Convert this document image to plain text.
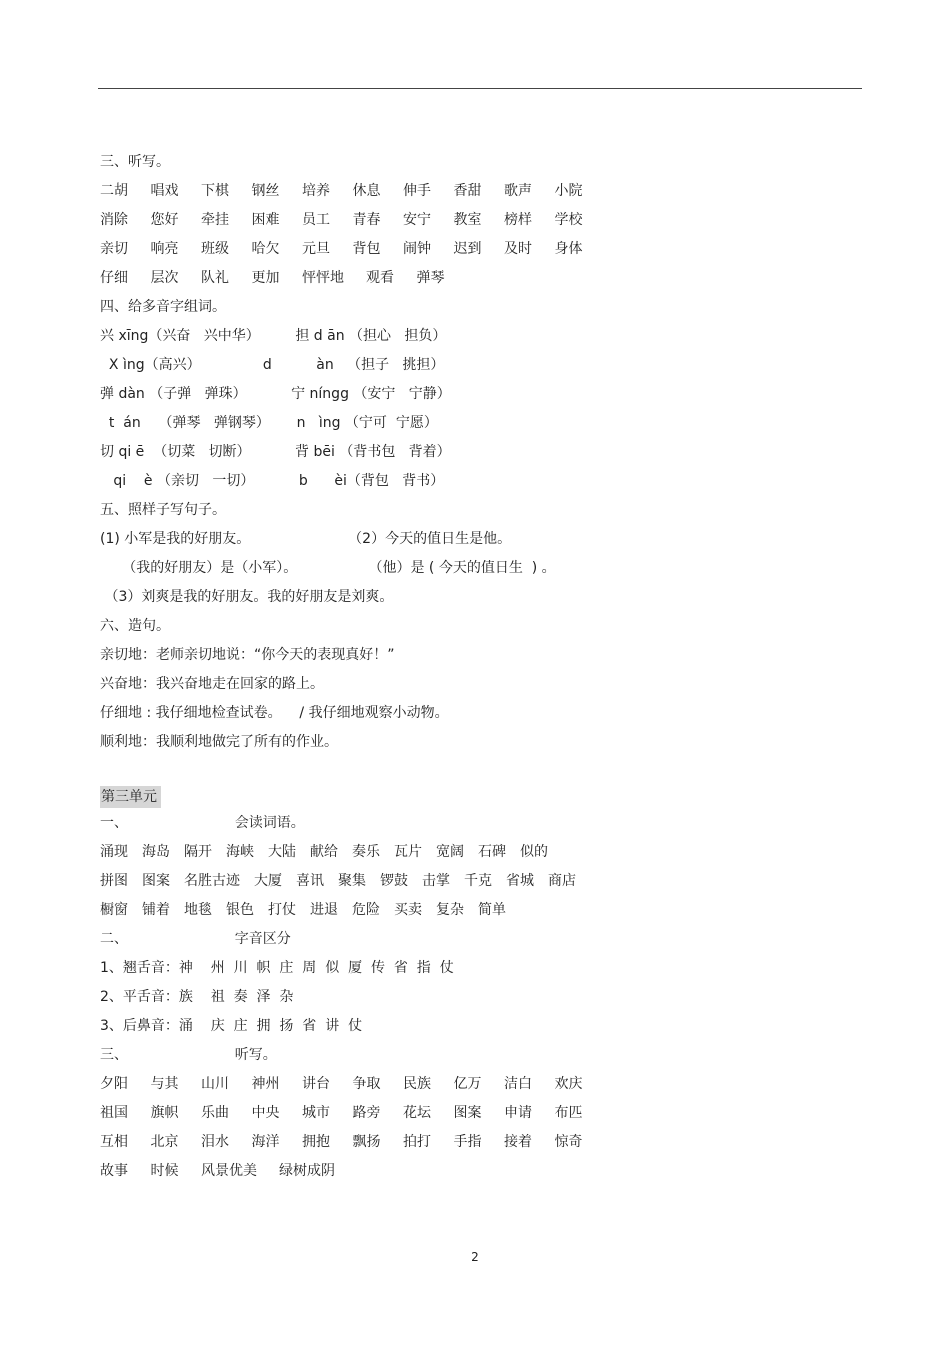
三、听写。
二胡	唱戏	下棋	钢丝	培养	休息	伸手	香甜	歌声	小院
消除	您好	牵挂	困难	员工	青春	安宁	教室	榜样	学校
亲切	响亮	班级	哈欠	元旦	背包	闹钟	迟到	及时	身体
仔细	层次	队礼	更加	怦怦地 观看	弹琴
四、给多音字组词。
兴 xīng（兴奋   兴中华）        担 d ān （担心   担负）
X ìng（高兴）              d          àn   （担子   挑担）
弹 dàn （子弹   弹珠）          宁 níngg （安宁   宁静）
t  án    （弹琴   弹钢琴）      n   ìng （宁可  宁愿）
切 qi ē  （切菜   切断）          背 bēi （背书包   背着）
qi    è （亲切   一切）          b      èi（背包   背书）
五、照样子写句子。
(1) 小军是我的好朋友。                      （2）今天的值日生是他。
（我的好朋友）是（小军）。                （他）是 ( 今天的值日生  ) 。
（3）刘爽是我的好朋友。我的好朋友是刘爽。
六、造句。
亲切地：老师亲切地说：“你今天的表现真好！”
兴奋地：我兴奋地走在回家的路上。
仔细地 : 我仔细地检查试卷。    / 我仔细地观察小动物。
顺利地：我顺利地做完了所有的作业。
第三单元
一、                        会读词语。
涌现 海岛 隔开 海峡 大陆 献给 奏乐 瓦片 宽阔 石碑 似的
拼图 图案 名胜古迹 大厦 喜讯 聚集 锣鼓 击掌 千克 省城 商店
橱窗 铺着 地毯 银色 打仗 进退 危险 买卖 复杂 简单
二、                        字音区分
1、翘舌音：神    州  川  帜  庄  周  似  厦  传  省  指  仗
2、平舌音：族    祖  奏  泽  杂
3、后鼻音：涌    庆  庄  拥  扬  省  讲  仗
三、                        听写。
夕阳	与其	山川	神州	讲台	争取	民族	亿万	洁白	欢庆
祖国	旗帜	乐曲	中央	城市	路旁	花坛	图案	申请	布匹
互相	北京	泪水	海洋	拥抱	飘扬	拍打	手指	接着	惊奇
故事	时候	风景优美 绿树成阴
2
